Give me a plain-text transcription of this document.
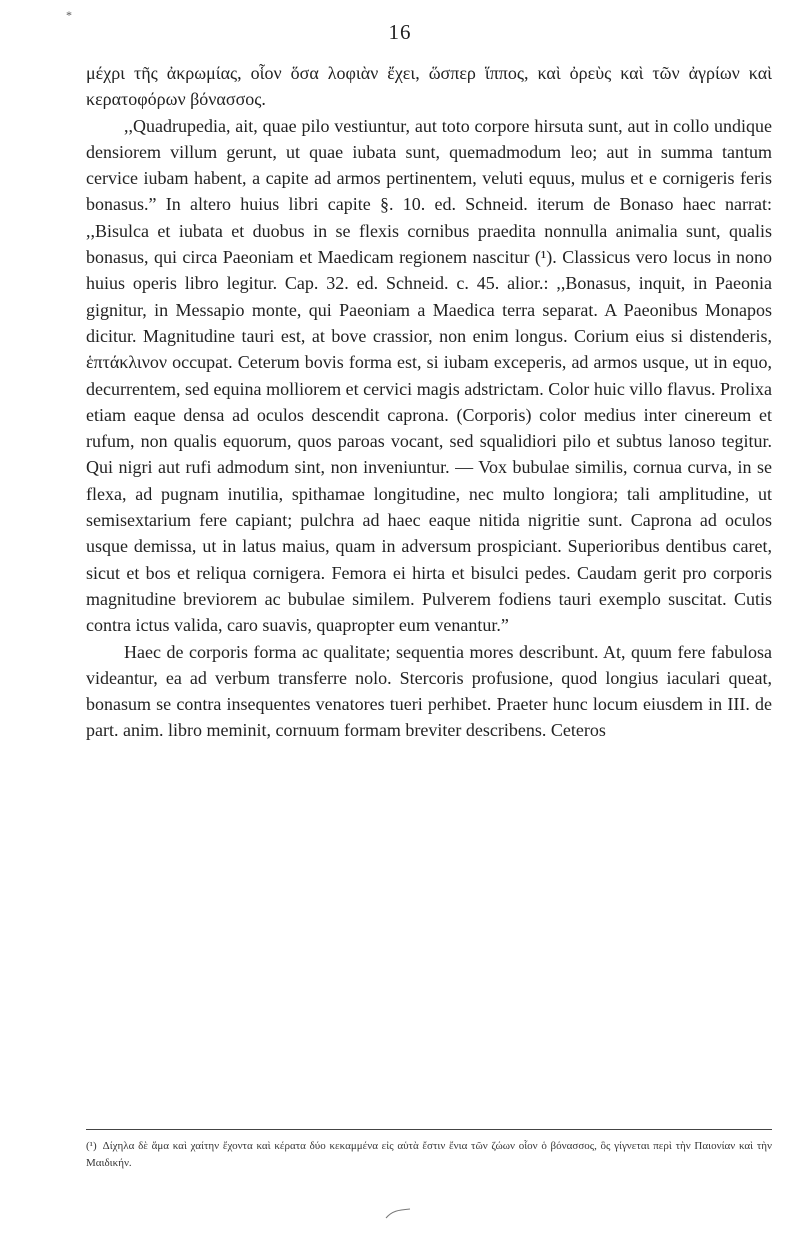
*
16

μέχρι τῆς ἀκρωμίας, οἷον ὅσα λοφιὰν ἔχει, ὥσπερ ἵππος, καὶ ὀρεὺς καὶ τῶν ἀγρίων καὶ κερατοφόρων βόνασσος.

,,Quadrupedia, ait, quae pilo vestiuntur, aut toto corpore hirsuta sunt, aut in collo undique densiorem villum gerunt, ut quae iubata sunt, quemadmodum leo; aut in summa tantum cervice iubam habent, a capite ad armos pertinentem, veluti equus, mulus et e cornigeris feris bonasus.” In altero huius libri capite §. 10. ed. Schneid. iterum de Bonaso haec narrat: ,,Bisulca et iubata et duobus in se flexis cornibus praedita nonnulla animalia sunt, qualis bonasus, qui circa Paeoniam et Maedicam regionem nascitur (¹). Classicus vero locus in nono huius operis libro legitur. Cap. 32. ed. Schneid. c. 45. alior.: ,,Bonasus, inquit, in Paeonia gignitur, in Messapio monte, qui Paeoniam a Maedica terra separat. A Paeonibus Monapos dicitur. Magnitudine tauri est, at bove crassior, non enim longus. Corium eius si distenderis, ἑπτάκλινον occupat. Ceterum bovis forma est, si iubam exceperis, ad armos usque, ut in equo, decurrentem, sed equina molliorem et cervici magis adstrictam. Color huic villo flavus. Prolixa etiam eaque densa ad oculos descendit caprona. (Corporis) color medius inter cinereum et rufum, non qualis equorum, quos paroas vocant, sed squalidiori pilo et subtus lanoso tegitur. Qui nigri aut rufi admodum sint, non inveniuntur. — Vox bubulae similis, cornua curva, in se flexa, ad pugnam inutilia, spithamae longitudine, nec multo longiora; tali amplitudine, ut semisextarium fere capiant; pulchra ad haec eaque nitida nigritie sunt. Caprona ad oculos usque demissa, ut in latus maius, quam in adversum prospiciant. Superioribus dentibus caret, sicut et bos et reliqua cornigera. Femora ei hirta et bisulci pedes. Caudam gerit pro corporis magnitudine breviorem ac bubulae similem. Pulverem fodiens tauri exemplo suscitat. Cutis contra ictus valida, caro suavis, quapropter eum venantur.”

Haec de corporis forma ac qualitate; sequentia mores describunt. At, quum fere fabulosa videantur, ea ad verbum transferre nolo. Stercoris profusione, quod longius iaculari queat, bonasum se contra insequentes venatores tueri perhibet. Praeter hunc locum eiusdem in III. de part. anim. libro meminit, cornuum formam breviter describens. Ceteros

(¹) Δίχηλα δὲ ἅμα καὶ χαίτην ἔχοντα καὶ κέρατα δύο κεκαμμένα εἰς αὑτὰ ἔστιν ἔνια τῶν ζώων οἷον ὁ βόνασσος, ὃς γίγνεται περὶ τὴν Παιονίαν καὶ τὴν Μαιδικήν.
